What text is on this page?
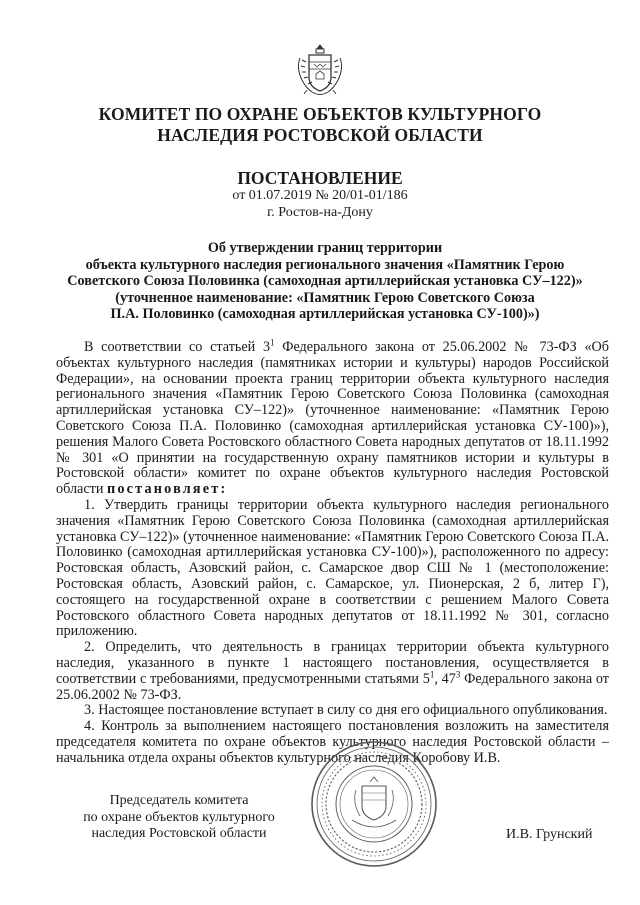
КОМИТЕТ ПО ОХРАНЕ ОБЪЕКТОВ КУЛЬТУРНОГО
НАСЛЕДИЯ РОСТОВСКОЙ ОБЛАСТИ
ПОСТАНОВЛЕНИЕ
от 01.07.2019 № 20/01-01/186
г. Ростов-на-Дону
Об утверждении границ территории
объекта культурного наследия регионального значения «Памятник Герою
Советского Союза Половинка (самоходная артиллерийская установка СУ–122)»
(уточненное наименование: «Памятник Герою Советского Союза
П.А. Половинко (самоходная артиллерийская установка СУ-100)»)

В соответствии со статьей $3^1$ Федерального закона от 25.06.2002 № 73-ФЗ «Об объектах культурного наследия (памятниках истории и культуры) народов Российской Федерации», на основании проекта границ территории объекта культурного наследия регионального значения «Памятник Герою Советского Союза Половинка (самоходная артиллерийская установка СУ–122)» (уточненное наименование: «Памятник Герою Советского Союза П.А. Половинко (самоходная артиллерийская установка СУ-100)»), решения Малого Совета Ростовского областного Совета народных депутатов от 18.11.1992 № 301 «О принятии на государственную охрану памятников истории и культуры в Ростовской области» комитет по охране объектов культурного наследия Ростовской области постановляет:

1. Утвердить границы территории объекта культурного наследия регионального значения «Памятник Герою Советского Союза Половинка (самоходная артиллерийская установка СУ–122)» (уточненное наименование: «Памятник Герою Советского Союза П.А. Половинко (самоходная артиллерийская установка СУ-100)»), расположенного по адресу: Ростовская область, Азовский район, с. Самарское двор СШ № 1 (местоположение: Ростовская область, Азовский район, с. Самарское, ул. Пионерская, 2 б, литер Г), состоящего на государственной охране в соответствии с решением Малого Совета Ростовского областного Совета народных депутатов от 18.11.1992 № 301, согласно приложению.

2. Определить, что деятельность в границах территории объекта культурного наследия, указанного в пункте 1 настоящего постановления, осуществляется в соответствии с требованиями, предусмотренными статьями $5^1$, $47^3$ Федерального закона от 25.06.2002 № 73-ФЗ.

3. Настоящее постановление вступает в силу со дня его официального опубликования.

4. Контроль за выполнением настоящего постановления возложить на заместителя председателя комитета по охране объектов культурного наследия Ростовской области – начальника отдела охраны объектов культурного наследия Коробову И.В.

Председатель комитета
по охране объектов культурного
наследия Ростовской области	И.В. Грунский
